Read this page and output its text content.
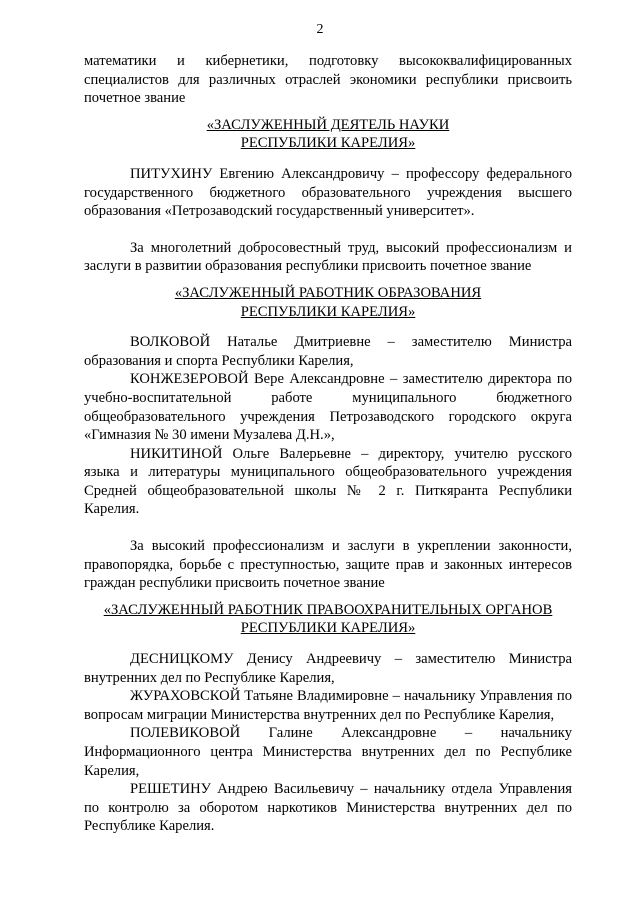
2

математики и кибернетики, подготовку высококвалифицированных специалистов для различных отраслей экономики республики присвоить почетное звание

«ЗАСЛУЖЕННЫЙ ДЕЯТЕЛЬ НАУКИ
РЕСПУБЛИКИ КАРЕЛИЯ»

ПИТУХИНУ Евгению Александровичу – профессору федерального государственного бюджетного образовательного учреждения высшего образования «Петрозаводский государственный университет».

За многолетний добросовестный труд, высокий профессионализм и заслуги в развитии образования республики присвоить почетное звание

«ЗАСЛУЖЕННЫЙ РАБОТНИК ОБРАЗОВАНИЯ
РЕСПУБЛИКИ КАРЕЛИЯ»

ВОЛКОВОЙ Наталье Дмитриевне – заместителю Министра образования и спорта Республики Карелия,

КОНЖЕЗЕРОВОЙ Вере Александровне – заместителю директора по учебно-воспитательной работе муниципального бюджетного общеобразовательного учреждения Петрозаводского городского округа «Гимназия № 30 имени Музалева Д.Н.»,

НИКИТИНОЙ Ольге Валерьевне – директору, учителю русского языка и литературы муниципального общеобразовательного учреждения Средней общеобразовательной школы № 2 г. Питкяранта Республики Карелия.

За высокий профессионализм и заслуги в укреплении законности, правопорядка, борьбе с преступностью, защите прав и законных интересов граждан республики присвоить почетное звание

«ЗАСЛУЖЕННЫЙ РАБОТНИК ПРАВООХРАНИТЕЛЬНЫХ ОРГАНОВ
РЕСПУБЛИКИ КАРЕЛИЯ»

ДЕСНИЦКОМУ Денису Андреевичу – заместителю Министра внутренних дел по Республике Карелия,

ЖУРАХОВСКОЙ Татьяне Владимировне – начальнику Управления по вопросам миграции Министерства внутренних дел по Республике Карелия,

ПОЛЕВИКОВОЙ Галине Александровне – начальнику Информационного центра Министерства внутренних дел по Республике Карелия,

РЕШЕТИНУ Андрею Васильевичу – начальнику отдела Управления по контролю за оборотом наркотиков Министерства внутренних дел по Республике Карелия.
